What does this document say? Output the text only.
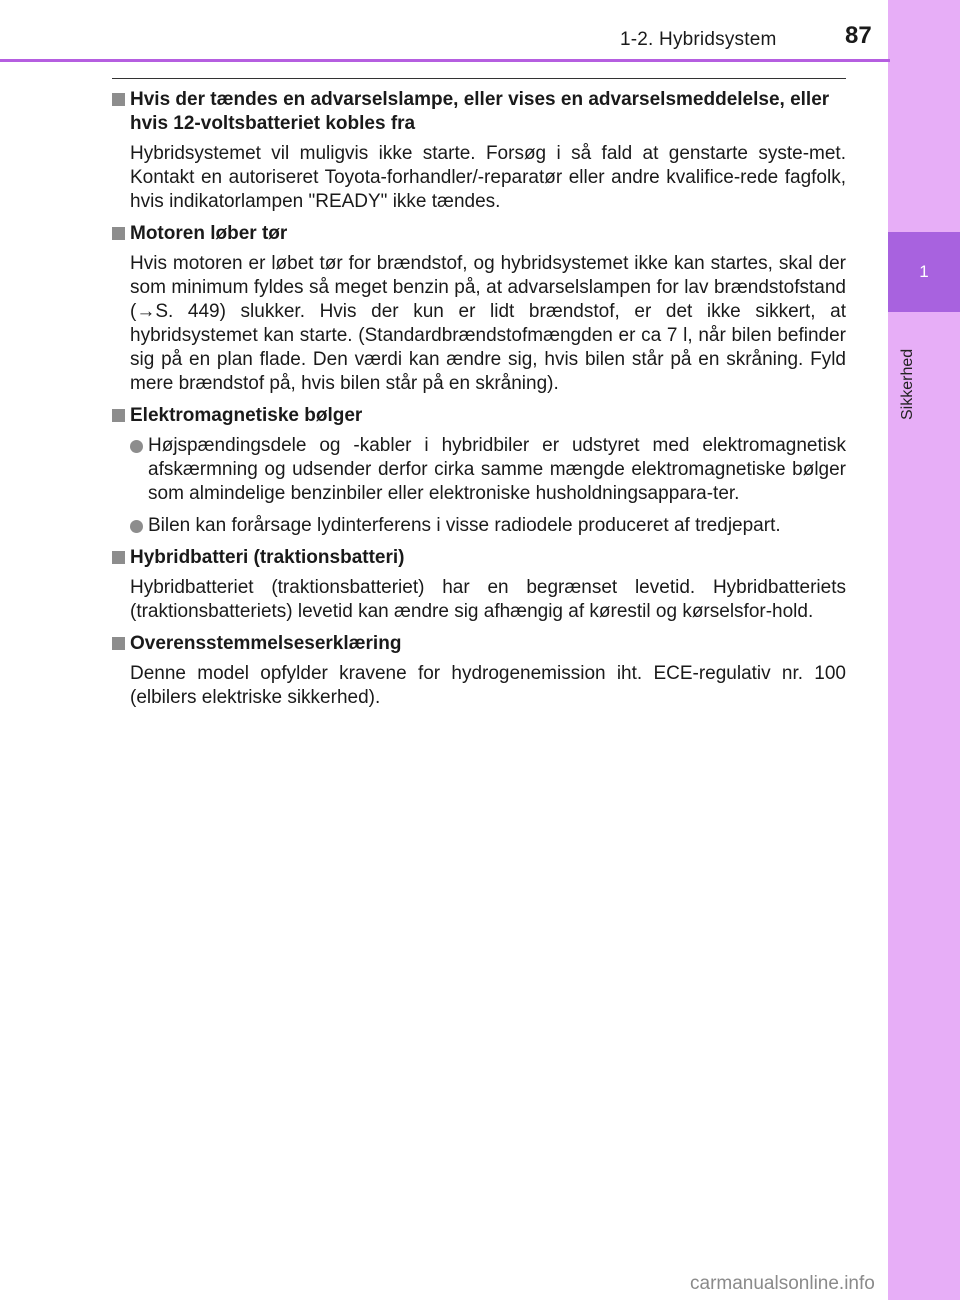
1
Sikkerhed
1-2. Hybridsystem	87
Hvis der tændes en advarselslampe, eller vises en advarselsmeddelelse, eller hvis 12-voltsbatteriet kobles fra
Hybridsystemet vil muligvis ikke starte. Forsøg i så fald at genstarte syste-met. Kontakt en autoriseret Toyota-forhandler/-reparatør eller andre kvalifice-rede fagfolk, hvis indikatorlampen "READY" ikke tændes.
Motoren løber tør
Hvis motoren er løbet tør for brændstof, og hybridsystemet ikke kan startes, skal der som minimum fyldes så meget benzin på, at advarselslampen for lav brændstofstand (→S. 449) slukker. Hvis der kun er lidt brændstof, er det ikke sikkert, at hybridsystemet kan starte. (Standardbrændstofmængden er ca 7 l, når bilen befinder sig på en plan flade. Den værdi kan ændre sig, hvis bilen står på en skråning. Fyld mere brændstof på, hvis bilen står på en skråning).
Elektromagnetiske bølger
Højspændingsdele og -kabler i hybridbiler er udstyret med elektromagnetisk afskærmning og udsender derfor cirka samme mængde elektromagnetiske bølger som almindelige benzinbiler eller elektroniske husholdningsappara-ter.
Bilen kan forårsage lydinterferens i visse radiodele produceret af tredjepart.
Hybridbatteri (traktionsbatteri)
Hybridbatteriet (traktionsbatteriet) har en begrænset levetid. Hybridbatteriets (traktionsbatteriets) levetid kan ændre sig afhængig af kørestil og kørselsfor-hold.
Overensstemmelseserklæring
Denne model opfylder kravene for hydrogenemission iht. ECE-regulativ nr. 100 (elbilers elektriske sikkerhed).
carmanualsonline.info
